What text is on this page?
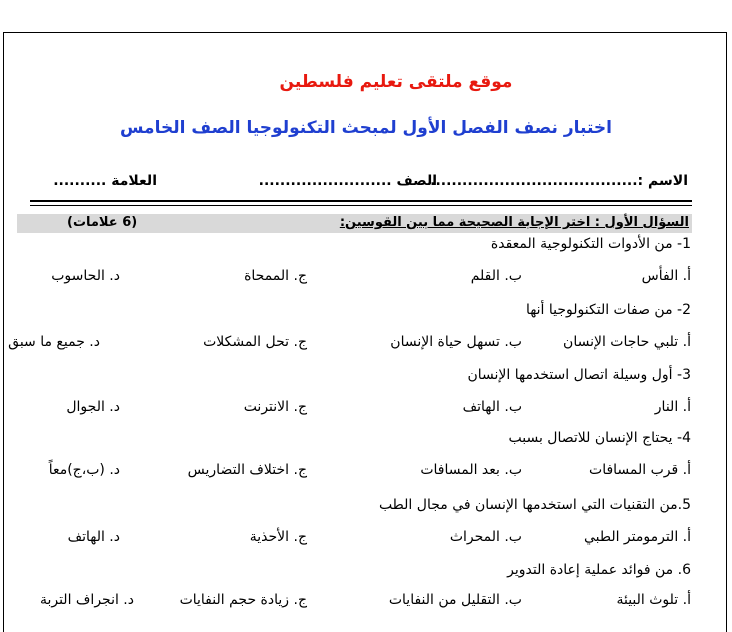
موقع ملتقى تعليم فلسطين
اختبار نصف الفصل الأول لمبحث التكنولوجيا الصف الخامس
الاسم :.......................................
الصف .........................
العلامة ..........
السؤال الأول : اختر الإجابة الصحيحة مما بين القوسين:
(6 علامات)
1- من الأدوات التكنولوجية المعقدة
أ. الفأس
ب. القلم
ج. الممحاة
د. الحاسوب
2- من صفات التكنولوجيا أنها
أ. تلبي حاجات الإنسان
ب. تسهل حياة الإنسان
ج. تحل المشكلات
د. جميع ما سبق
3- أول وسيلة اتصال استخدمها الإنسان
أ. النار
ب. الهاتف
ج. الانترنت
د. الجوال
4- يحتاج الإنسان للاتصال بسبب
أ. قرب المسافات
ب. بعد المسافات
ج. اختلاف التضاريس
د. (ب،ج)معاً
5.من التقنيات التي استخدمها الإنسان في مجال الطب
أ. الترمومتر الطبي
ب. المحراث
ج. الأحذية
د. الهاتف
6. من فوائد عملية إعادة التدوير
أ. تلوث البيئة
ب. التقليل من النفايات
ج. زيادة حجم النفايات
د. انجراف التربة
